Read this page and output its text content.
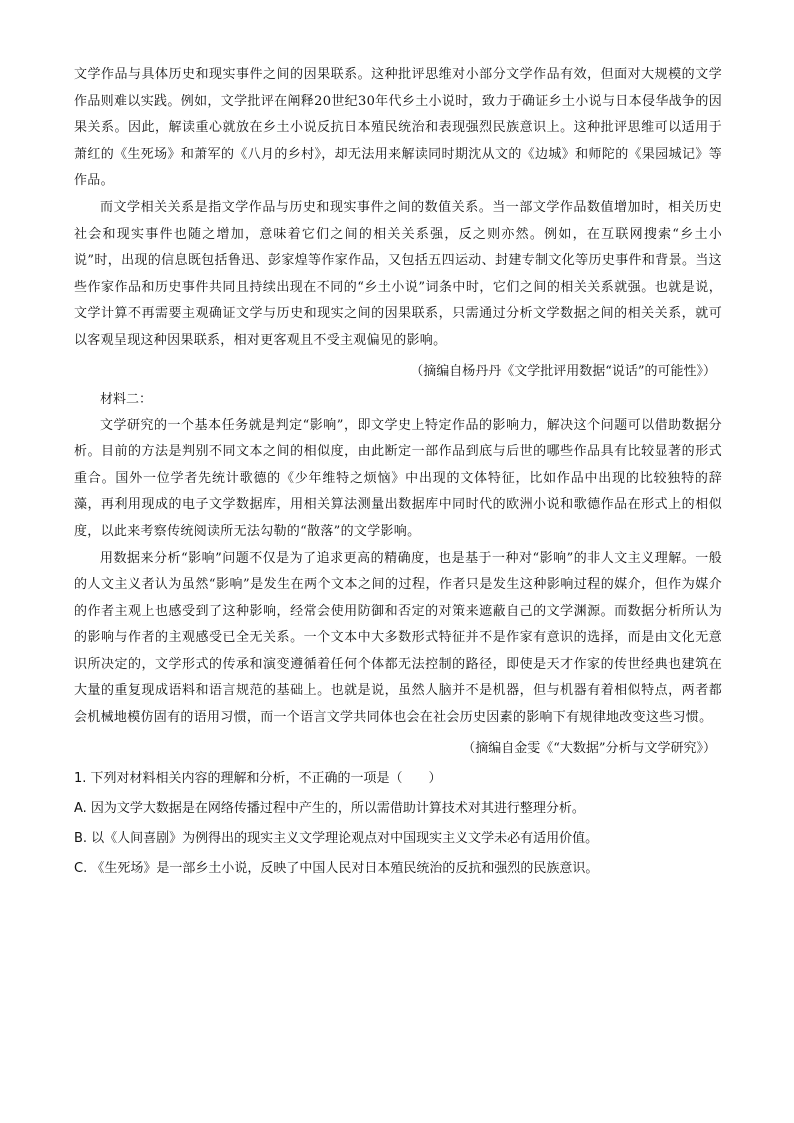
文学作品与具体历史和现实事件之间的因果联系。这种批评思维对小部分文学作品有效，但面对大规模的文学作品则难以实践。例如，文学批评在阐释20世纪30年代乡土小说时，致力于确证乡土小说与日本侵华战争的因果关系。因此，解读重心就放在乡土小说反抗日本殖民统治和表现强烈民族意识上。这种批评思维可以适用于萧红的《生死场》和萧军的《八月的乡村》，却无法用来解读同时期沈从文的《边城》和师陀的《果园城记》等作品。

而文学相关关系是指文学作品与历史和现实事件之间的数值关系。当一部文学作品数值增加时，相关历史社会和现实事件也随之增加，意味着它们之间的相关关系强，反之则亦然。例如，在互联网搜索“乡土小说”时，出现的信息既包括鲁迅、彭家煌等作家作品，又包括五四运动、封建专制文化等历史事件和背景。当这些作家作品和历史事件共同且持续出现在不同的“乡土小说”词条中时，它们之间的相关关系就强。也就是说，文学计算不再需要主观确证文学与历史和现实之间的因果联系，只需通过分析文学数据之间的相关关系，就可以客观呈现这种因果联系，相对更客观且不受主观偏见的影响。

（摘编自杨丹丹《文学批评用数据“说话”的可能性》）

材料二：

文学研究的一个基本任务就是判定“影响”，即文学史上特定作品的影响力，解决这个问题可以借助数据分析。目前的方法是判别不同文本之间的相似度，由此断定一部作品到底与后世的哪些作品具有比较显著的形式重合。国外一位学者先统计歌德的《少年维特之烦恼》中出现的文体特征，比如作品中出现的比较独特的辞藻，再利用现成的电子文学数据库，用相关算法测量出数据库中同时代的欧洲小说和歌德作品在形式上的相似度，以此来考察传统阅读所无法勾勒的“散落”的文学影响。

用数据来分析“影响”问题不仅是为了追求更高的精确度，也是基于一种对“影响”的非人文主义理解。一般的人文主义者认为虽然“影响”是发生在两个文本之间的过程，作者只是发生这种影响过程的媒介，但作为媒介的作者主观上也感受到了这种影响，经常会使用防御和否定的对策来遮蔽自己的文学渊源。而数据分析所认为的影响与作者的主观感受已全无关系。一个文本中大多数形式特征并不是作家有意识的选择，而是由文化无意识所决定的，文学形式的传承和演变遵循着任何个体都无法控制的路径，即使是天才作家的传世经典也建筑在大量的重复现成语料和语言规范的基础上。也就是说，虽然人脑并不是机器，但与机器有着相似特点，两者都会机械地模仿固有的语用习惯，而一个语言文学共同体也会在社会历史因素的影响下有规律地改变这些习惯。

（摘编自金雯《“大数据”分析与文学研究》）

1. 下列对材料相关内容的理解和分析，不正确的一项是（　　）

A. 因为文学大数据是在网络传播过程中产生的，所以需借助计算技术对其进行整理分析。

B. 以《人间喜剧》为例得出的现实主义文学理论观点对中国现实主义文学未必有适用价值。

C. 《生死场》是一部乡土小说，反映了中国人民对日本殖民统治的反抗和强烈的民族意识。
